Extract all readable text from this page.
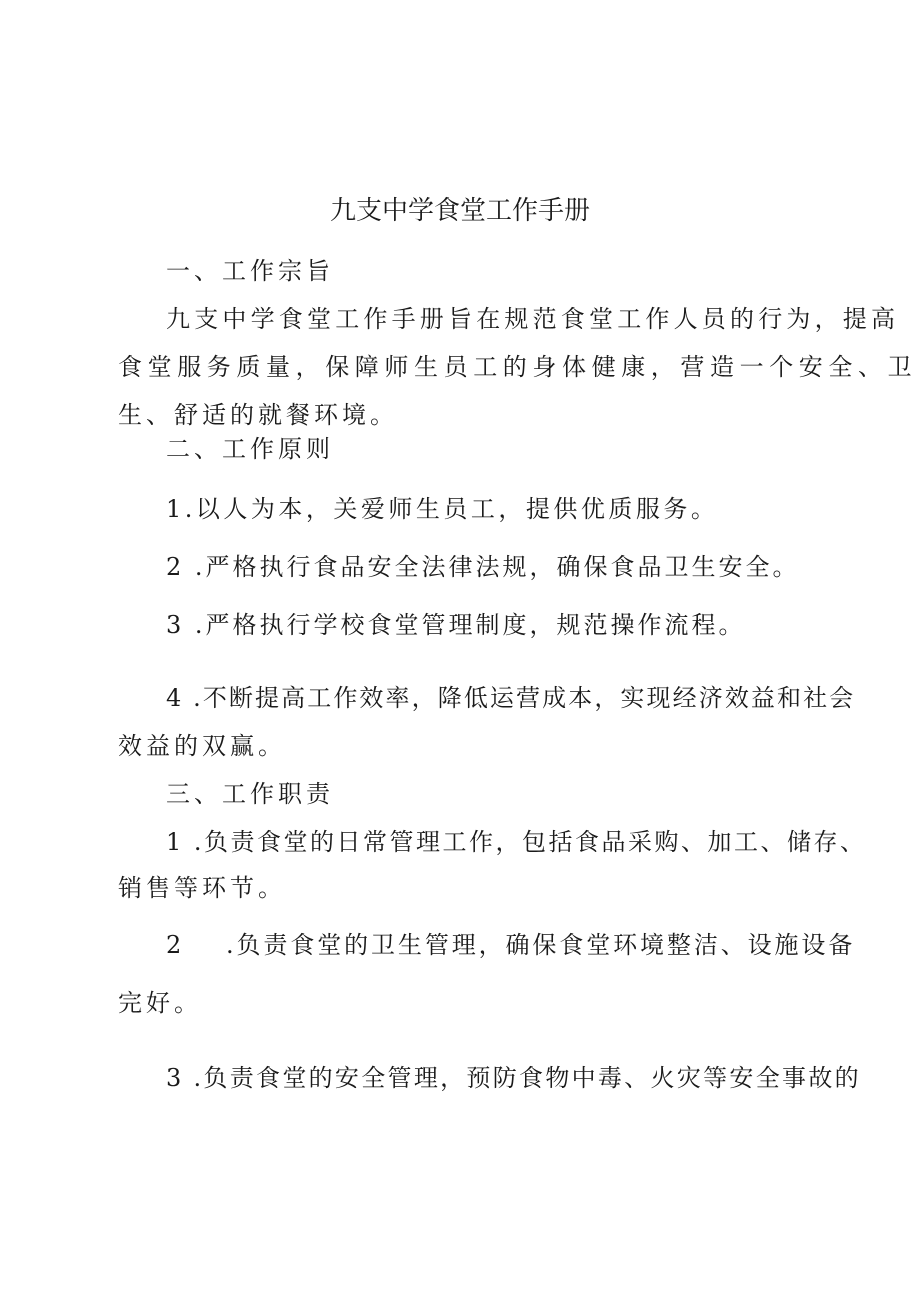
九支中学食堂工作手册
一、工作宗旨
九支中学食堂工作手册旨在规范食堂工作人员的行为，提高
食堂服务质量，保障师生员工的身体健康，营造一个安全、卫
生、舒适的就餐环境。
二、工作原则
1.以人为本，关爱师生员工，提供优质服务。
2 .严格执行食品安全法律法规，确保食品卫生安全。
3 .严格执行学校食堂管理制度，规范操作流程。
4 .不断提高工作效率，降低运营成本，实现经济效益和社会
效益的双赢。
三、工作职责
1 .负责食堂的日常管理工作，包括食品采购、加工、储存、
销售等环节。
2 .负责食堂的卫生管理，确保食堂环境整洁、设施设备
完好。
3 .负责食堂的安全管理，预防食物中毒、火灾等安全事故的
